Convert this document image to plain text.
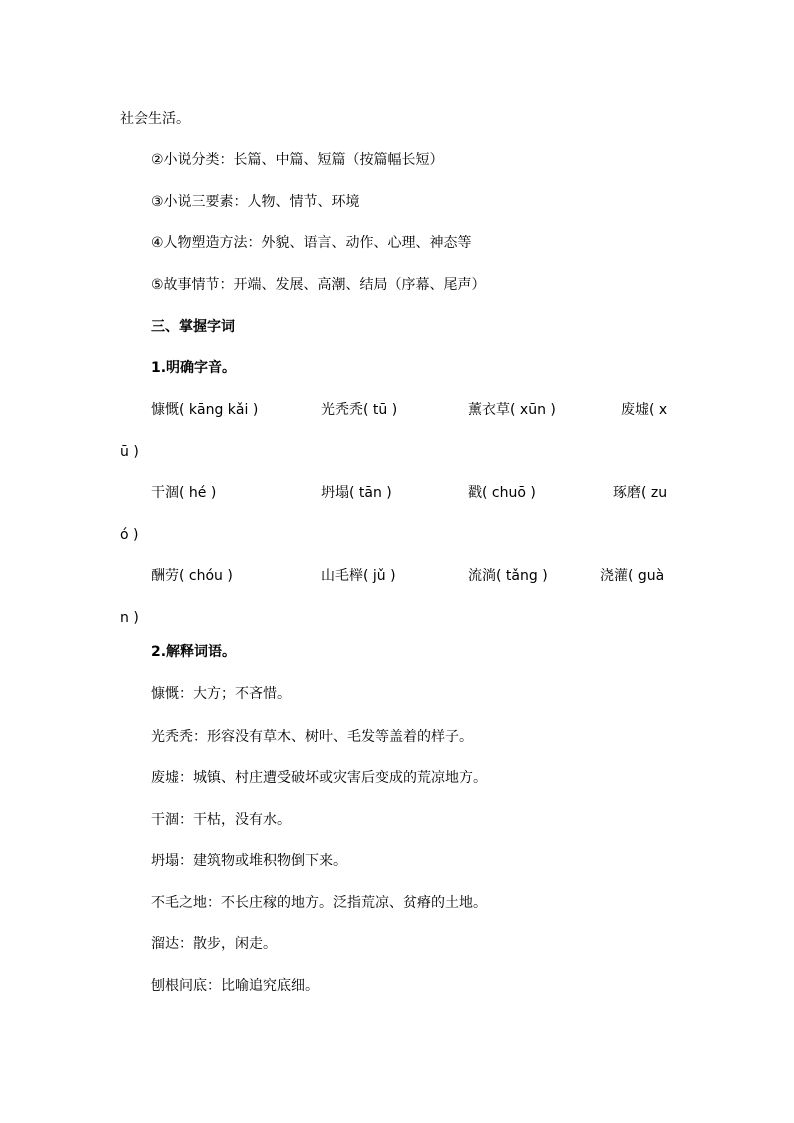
社会生活。
②小说分类：长篇、中篇、短篇（按篇幅长短）
③小说三要素：人物、情节、环境
④人物塑造方法：外貌、语言、动作、心理、神态等
⑤故事情节：开端、发展、高潮、结局（序幕、尾声）
三、掌握字词
1.明确字音。
慷慨( kāng kǎi )	光秃秃( tū )	薰衣草( xūn )	废墟( x
ū )
干涸( hé )	坍塌( tān )	戳( chuō )	琢磨( zu
ó )
酬劳( chóu )	山毛榉( jǔ )	流淌( tǎng )	浇灌( guà
n )
2.解释词语。
慷慨：大方；不吝惜。
光秃秃：形容没有草木、树叶、毛发等盖着的样子。
废墟：城镇、村庄遭受破坏或灾害后变成的荒凉地方。
干涸：干枯，没有水。
坍塌：建筑物或堆积物倒下来。
不毛之地：不长庄稼的地方。泛指荒凉、贫瘠的土地。
溜达：散步，闲走。
刨根问底：比喻追究底细。
